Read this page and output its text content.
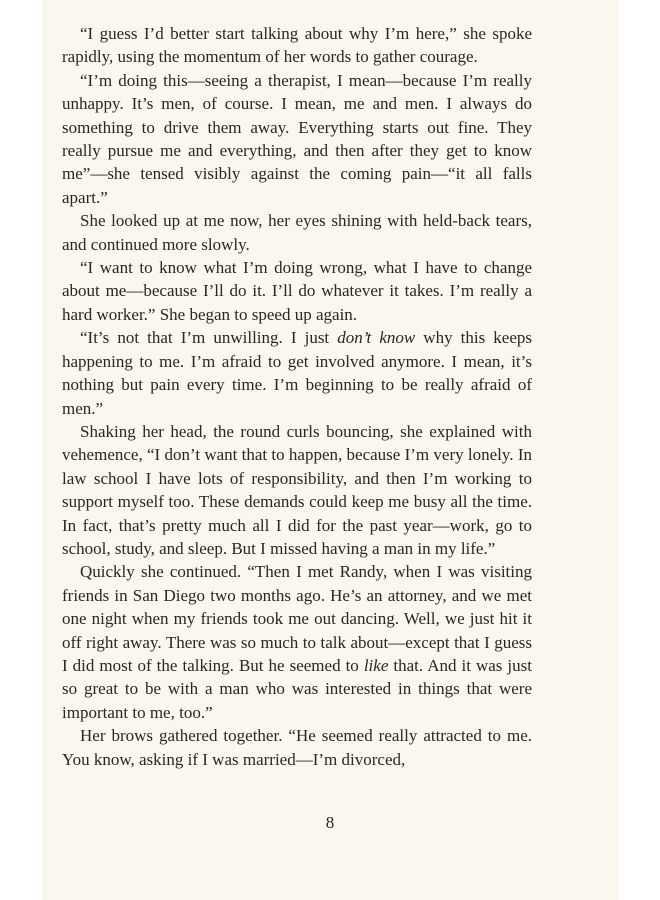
“I guess I’d better start talking about why I’m here,” she spoke rapidly, using the momentum of her words to gather courage.

“I’m doing this—seeing a therapist, I mean—because I’m really unhappy. It’s men, of course. I mean, me and men. I always do something to drive them away. Everything starts out fine. They really pursue me and everything, and then after they get to know me”—she tensed visibly against the coming pain—“it all falls apart.”

She looked up at me now, her eyes shining with held-back tears, and continued more slowly.

“I want to know what I’m doing wrong, what I have to change about me—because I’ll do it. I’ll do whatever it takes. I’m really a hard worker.” She began to speed up again.

“It’s not that I’m unwilling. I just don’t know why this keeps happening to me. I’m afraid to get involved anymore. I mean, it’s nothing but pain every time. I’m beginning to be really afraid of men.”

Shaking her head, the round curls bouncing, she explained with vehemence, “I don’t want that to happen, because I’m very lonely. In law school I have lots of responsibility, and then I’m working to support myself too. These demands could keep me busy all the time. In fact, that’s pretty much all I did for the past year—work, go to school, study, and sleep. But I missed having a man in my life.”

Quickly she continued. “Then I met Randy, when I was visiting friends in San Diego two months ago. He’s an attorney, and we met one night when my friends took me out dancing. Well, we just hit it off right away. There was so much to talk about—except that I guess I did most of the talking. But he seemed to like that. And it was just so great to be with a man who was interested in things that were important to me, too.”

Her brows gathered together. “He seemed really attracted to me. You know, asking if I was married—I’m divorced,

8
